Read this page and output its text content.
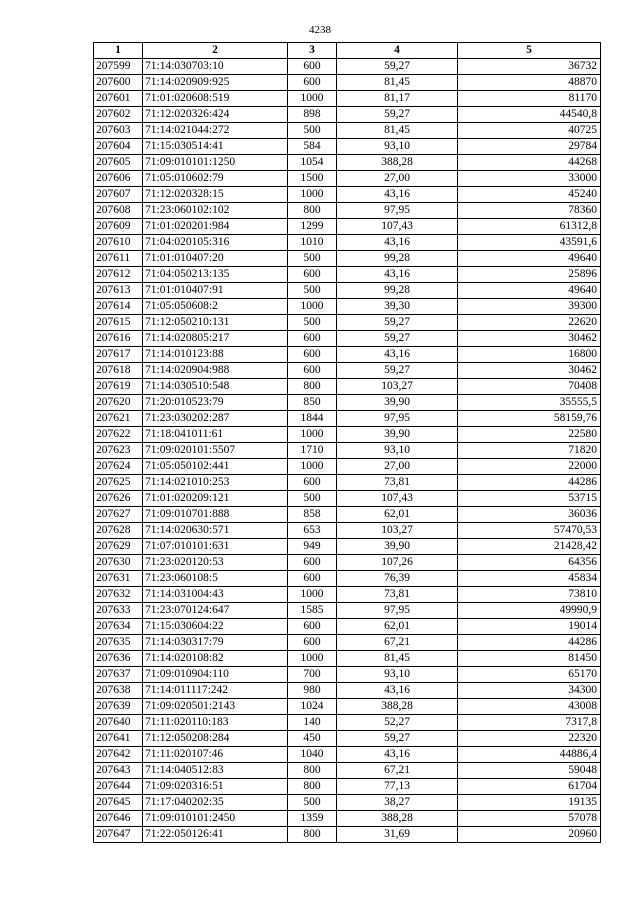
4238
1	2	3	4	5
207599	71:14:030703:10	600	59,27	36732
207600	71:14:020909:925	600	81,45	48870
207601	71:01:020608:519	1000	81,17	81170
207602	71:12:020326:424	898	59,27	44540,8
207603	71:14:021044:272	500	81,45	40725
207604	71:15:030514:41	584	93,10	29784
207605	71:09:010101:1250	1054	388,28	44268
207606	71:05:010602:79	1500	27,00	33000
207607	71:12:020328:15	1000	43,16	45240
207608	71:23:060102:102	800	97,95	78360
207609	71:01:020201:984	1299	107,43	61312,8
207610	71:04:020105:316	1010	43,16	43591,6
207611	71:01:010407:20	500	99,28	49640
207612	71:04:050213:135	600	43,16	25896
207613	71:01:010407:91	500	99,28	49640
207614	71:05:050608:2	1000	39,30	39300
207615	71:12:050210:131	500	59,27	22620
207616	71:14:020805:217	600	59,27	30462
207617	71:14:010123:88	600	43,16	16800
207618	71:14:020904:988	600	59,27	30462
207619	71:14:030510:548	800	103,27	70408
207620	71:20:010523:79	850	39,90	35555,5
207621	71:23:030202:287	1844	97,95	58159,76
207622	71:18:041011:61	1000	39,90	22580
207623	71:09:020101:5507	1710	93,10	71820
207624	71:05:050102:441	1000	27,00	22000
207625	71:14:021010:253	600	73,81	44286
207626	71:01:020209:121	500	107,43	53715
207627	71:09:010701:888	858	62,01	36036
207628	71:14:020630:571	653	103,27	57470,53
207629	71:07:010101:631	949	39,90	21428,42
207630	71:23:020120:53	600	107,26	64356
207631	71:23:060108:5	600	76,39	45834
207632	71:14:031004:43	1000	73,81	73810
207633	71:23:070124:647	1585	97,95	49990,9
207634	71:15:030604:22	600	62,01	19014
207635	71:14:030317:79	600	67,21	44286
207636	71:14:020108:82	1000	81,45	81450
207637	71:09:010904:110	700	93,10	65170
207638	71:14:011117:242	980	43,16	34300
207639	71:09:020501:2143	1024	388,28	43008
207640	71:11:020110:183	140	52,27	7317,8
207641	71:12:050208:284	450	59,27	22320
207642	71:11:020107:46	1040	43,16	44886,4
207643	71:14:040512:83	800	67,21	59048
207644	71:09:020316:51	800	77,13	61704
207645	71:17:040202:35	500	38,27	19135
207646	71:09:010101:2450	1359	388,28	57078
207647	71:22:050126:41	800	31,69	20960
